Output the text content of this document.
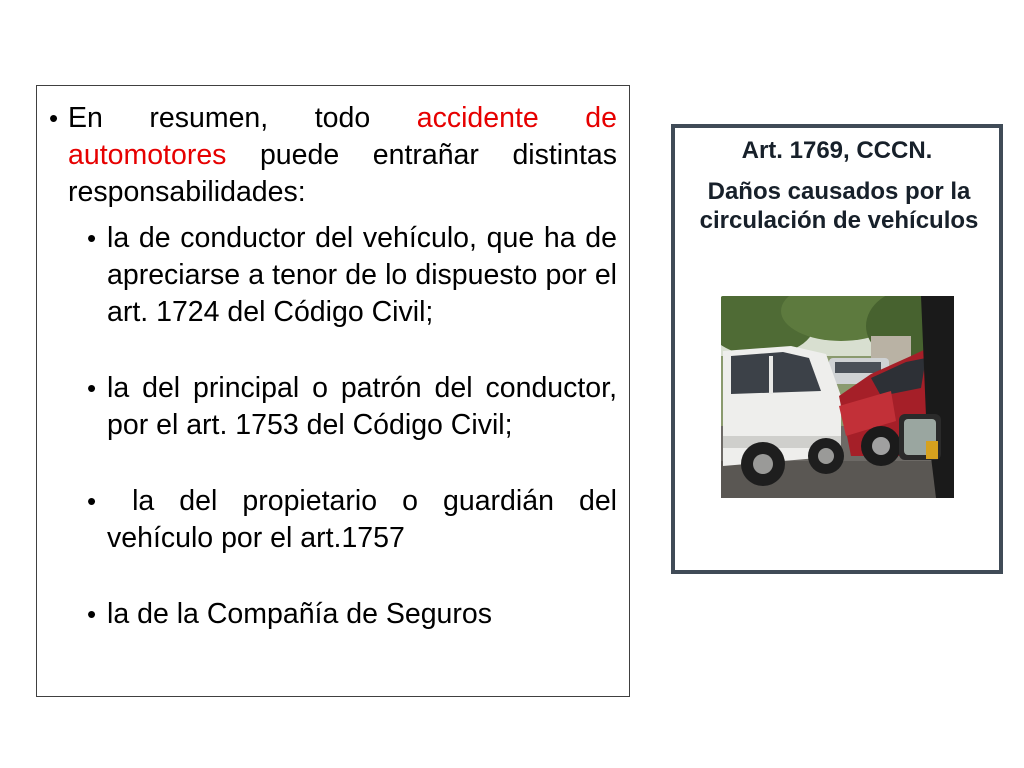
• En resumen, todo accidente de automotores puede entrañar distintas responsabilidades:

• la de conductor del vehículo, que ha de apreciarse a tenor de lo dispuesto por el art. 1724 del Código Civil;

• la del principal o patrón del conductor, por el art. 1753 del Código Civil;

• la del propietario o guardián del vehículo por el art.1757

• la de la Compañía de Seguros

Art. 1769, CCCN.
Daños causados por la circulación de vehículos
